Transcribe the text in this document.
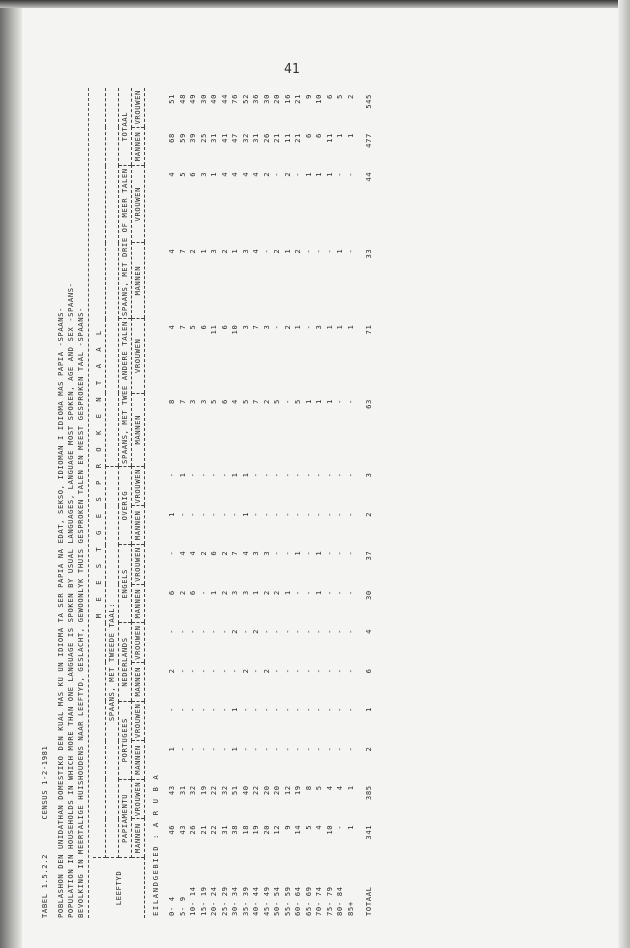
41
TABEL 1.5.2.2       CENSUS 1-2-1981 POBLASHON DEN UNIDATHAN DOMESTIKO DEN KUAL MAS KU UN IDIOMA TA SER PAPIA NA EDAT, SEKSO, IDIOMAN I IDIOMA MAS PAPIA -SPAANS- POPULATION IN HOUSEHOLDS IN WHICH MORE THAN ONE LANGUAGE IS SPOKEN BY USUAL LANGUAGES, LANGUAGE MOST SPOKEN, AGE AND SEX -SPAANS- BEVOLKING IN MEERTALIGE HUISHOUDENS NAAR LEEFTYD, GESLACHT, GEWOONLYK THUIS GESPROKEN TALEN EN MEEST GESPROKEN TAAL -SPAANS-	LEEFTYD	M E E S T G E S P R O K E N T A A L															
	SPAANS, MET TWEEDE TAAL:															
	PAPIAMENTU		PORTUGEES		NEDERLANDS		ENGELS		OVERIG		SPAANS, MET TWEE ANDERE TALEN		SPAANS, MET DRIE OF MEER TALEN		TOTAAL	
	MANNEN	VROUWEN	MANNEN	VROUWEN	MANNEN	VROUWEN	MANNEN	VROUWEN	MANNEN	VROUWEN	MANNEN	VROUWEN	MANNEN	VROUWEN	MANNEN	VROUWEN
EILANDGEBIED : A R U B A																
0- 4	46	43	1	-	2	-	6	-	1	-	8	4	4	4	68	51
5- 9	43	31	-	-	-	-	2	4	-	1	7	7	7	5	59	48
10- 14	26	32	-	-	-	-	6	4	-	-	3	5	2	6	39	49
15- 19	21	19	-	-	-	-	-	2	-	-	3	6	1	3	25	30
20- 24	22	22	-	-	-	-	1	6	-	-	5	11	3	1	31	40
25- 29	31	32	-	-	-	-	2	2	-	-	6	6	2	4	41	44
30- 34	38	51	1	1	-	2	3	7	-	1	4	10	1	4	47	76
35- 39	18	40	-	-	2	-	3	4	1	1	5	3	3	4	32	52
40- 44	19	22	-	-	-	2	1	3	-	-	7	7	4	4	31	36
45- 49	20	20	-	-	2	-	2	3	-	-	2	3	-	2	26	30
50- 54	12	20	-	-	-	-	2	-	-	-	5	-	2	-	21	20
55- 59	9	12	-	-	-	-	1	-	-	-	-	2	1	2	11	16
60- 64	14	19	-	-	-	-	-	1	-	-	5	1	2	-	21	21
65- 69	5	8	-	-	-	-	-	-	-	-	1	-	-	1	6	9
70- 74	4	5	-	-	-	-	1	1	-	-	1	3	-	1	6	10
75- 79	10	4	-	-	-	-	-	-	-	-	1	1	-	1	11	6
80- 84	-	4	-	-	-	-	-	-	-	-	-	1	1	-	1	5
85+	1	1	-	-	-	-	-	-	-	-	-	1	-	-	1	2

TOTAAL	341	385	2	1	6	4	30	37	2	3	63	71	33	44	477	545
